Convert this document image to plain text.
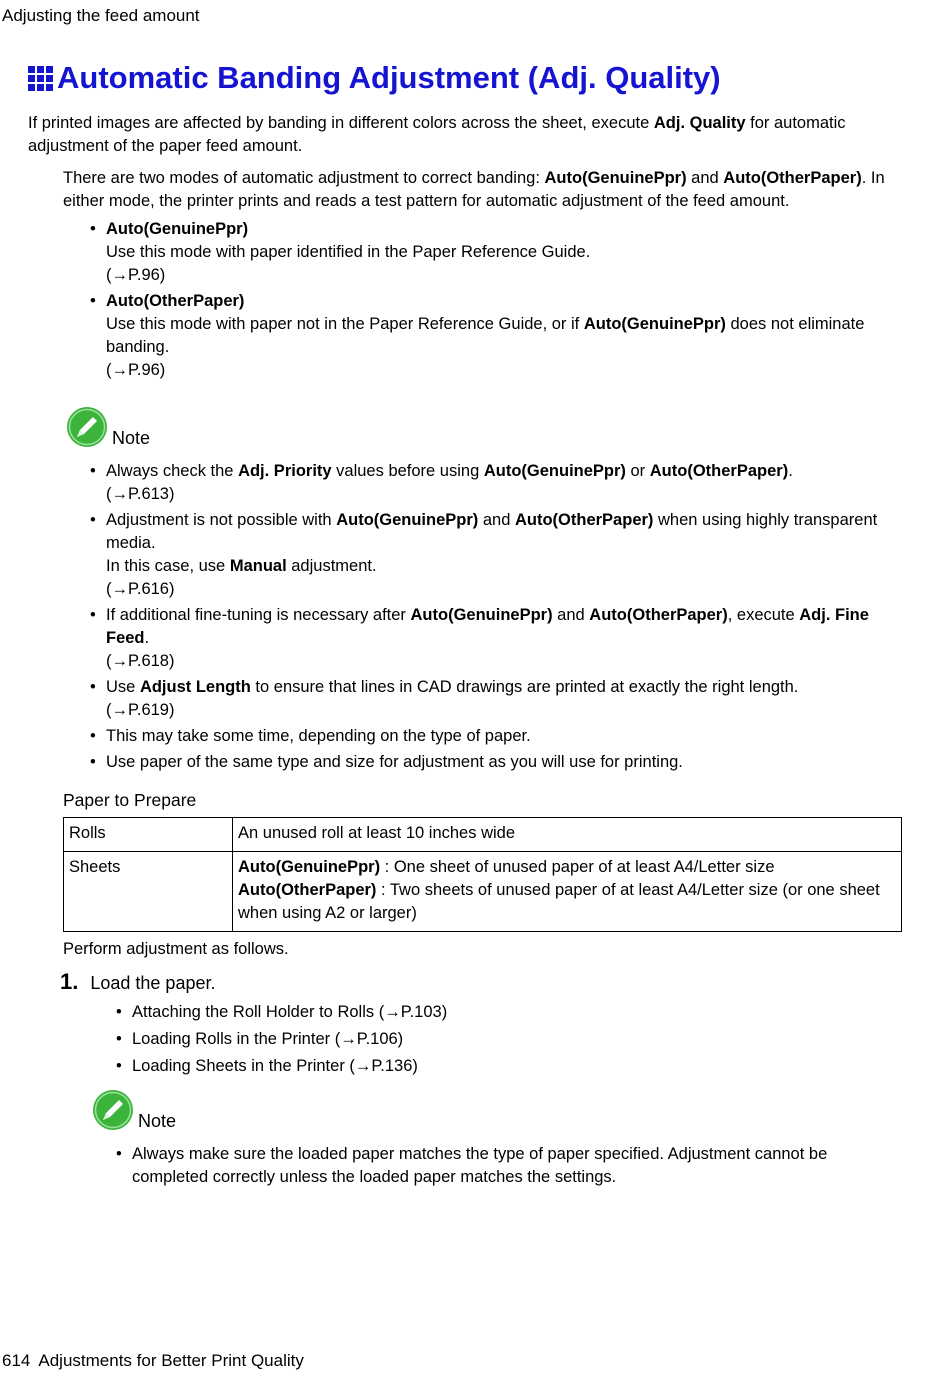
Adjusting the feed amount
Automatic Banding Adjustment (Adj. Quality)

If printed images are affected by banding in different colors across the sheet, execute Adj. Quality for automatic adjustment of the paper feed amount.

There are two modes of automatic adjustment to correct banding: Auto(GenuinePpr) and Auto(OtherPaper). In either mode, the printer prints and reads a test pattern for automatic adjustment of the feed amount.

• Auto(GenuinePpr)
Use this mode with paper identified in the Paper Reference Guide.
(→P.96)
• Auto(OtherPaper)
Use this mode with paper not in the Paper Reference Guide, or if Auto(GenuinePpr) does not eliminate banding.
(→P.96)
Note
• Always check the Adj. Priority values before using Auto(GenuinePpr) or Auto(OtherPaper).
(→P.613)
• Adjustment is not possible with Auto(GenuinePpr) and Auto(OtherPaper) when using highly transparent media.
In this case, use Manual adjustment.
(→P.616)
• If additional fine-tuning is necessary after Auto(GenuinePpr) and Auto(OtherPaper), execute Adj. Fine Feed.
(→P.618)
• Use Adjust Length to ensure that lines in CAD drawings are printed at exactly the right length.
(→P.619)
• This may take some time, depending on the type of paper.
• Use paper of the same type and size for adjustment as you will use for printing.

Paper to Prepare

Rolls	An unused roll at least 10 inches wide
Sheets	Auto(GenuinePpr) : One sheet of unused paper of at least A4/Letter size
Auto(OtherPaper) : Two sheets of unused paper of at least A4/Letter size (or one sheet when using A2 or larger)

Perform adjustment as follows.

1. Load the paper.
• Attaching the Roll Holder to Rolls (→P.103)
• Loading Rolls in the Printer (→P.106)
• Loading Sheets in the Printer (→P.136)
Note
• Always make sure the loaded paper matches the type of paper specified. Adjustment cannot be completed correctly unless the loaded paper matches the settings.
614 Adjustments for Better Print Quality
